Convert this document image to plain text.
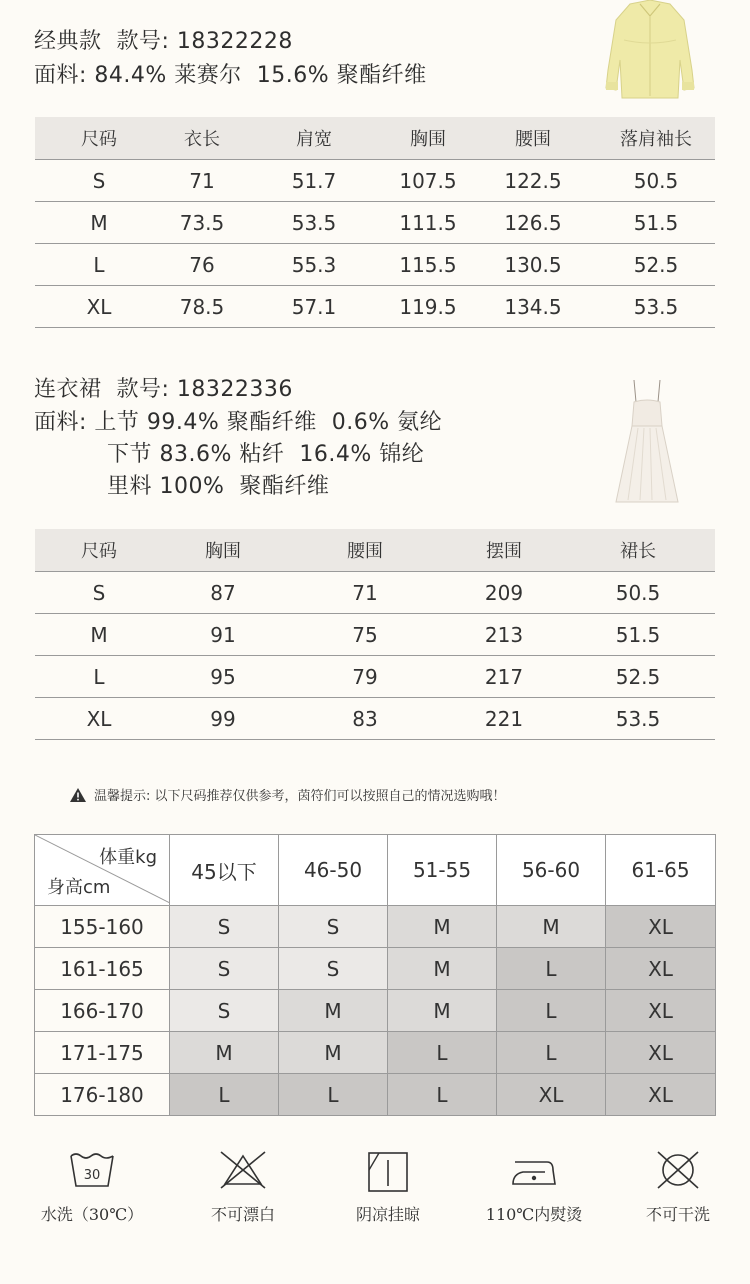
经典款  款号: 18322228
面料: 84.4% 莱赛尔  15.6% 聚酯纤维
尺码	衣长	肩宽	胸围	腰围	落肩袖长
S	71	51.7	107.5	122.5	50.5
M	73.5	53.5	111.5	126.5	51.5
L	76	55.3	115.5	130.5	52.5
XL	78.5	57.1	119.5	134.5	53.5
连衣裙  款号: 18322336
面料: 上节 99.4% 聚酯纤维  0.6% 氨纶
下节 83.6% 粘纤  16.4% 锦纶
里料 100%  聚酯纤维
尺码	胸围	腰围	摆围	裙长
S	87	71	209	50.5
M	91	75	213	51.5
L	95	79	217	52.5
XL	99	83	221	53.5
温馨提示: 以下尺码推荐仅供参考，茵符们可以按照自己的情况选购哦！
体重kg
身高cm	45以下	46-50	51-55	56-60	61-65
155-160	S	S	M	M	XL
161-165	S	S	M	L	XL
166-170	S	M	M	L	XL
171-175	M	M	L	L	XL
176-180	L	L	L	XL	XL
30
水洗（30℃）	不可漂白	阴凉挂晾	110℃内熨烫	不可干洗
